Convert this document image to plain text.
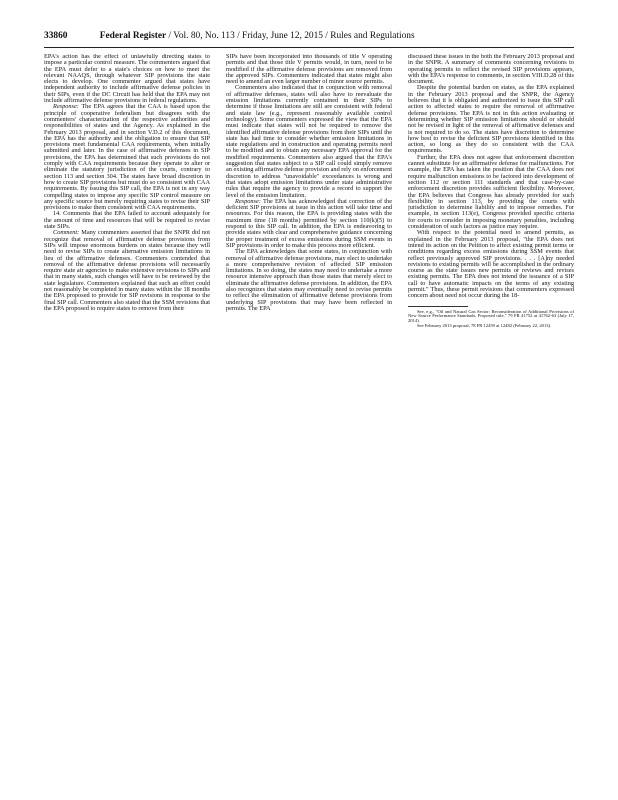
33860	Federal Register / Vol. 80, No. 113 / Friday, June 12, 2015 / Rules and Regulations

EPA's action has the effect of unlawfully directing states to impose a particular control measure. The commenters argued that the EPA must defer to a state's choices on how to meet the relevant NAAQS, through whatever SIP provisions the state elects to develop. One commenter argued that states have independent authority to include affirmative defense policies in their SIPs, even if the DC Circuit has held that the EPA may not include affirmative defense provisions in federal regulations.

Response: The EPA agrees that the CAA is based upon the principle of cooperative federalism but disagrees with the commenters' characterization of the respective authorities and responsibilities of states and the Agency. As explained in the February 2013 proposal, and in section V.D.2 of this document, the EPA has the authority and the obligation to ensure that SIP provisions meet fundamental CAA requirements, when initially submitted and later. In the case of affirmative defenses in SIP provisions, the EPA has determined that such provisions do not comply with CAA requirements because they operate to alter or eliminate the statutory jurisdiction of the courts, contrary to section 113 and section 304. The states have broad discretion in how to create SIP provisions but must do so consistent with CAA requirements. By issuing this SIP call, the EPA is not in any way compelling states to impose any specific SIP control measure on any specific source but merely requiring states to revise their SIP provisions to make them consistent with CAA requirements.

14. Comments that the EPA failed to account adequately for the amount of time and resources that will be required to revise state SIPs.

Comment: Many commenters asserted that the SNPR did not recognize that removal of affirmative defense provisions from SIPs will impose enormous burdens on states because they will need to revise SIPs to create alternative emission limitations in lieu of the affirmative defenses. Commenters contended that removal of the affirmative defense provisions will necessarily require state air agencies to make extensive revisions to SIPs and that in many states, such changes will have to be reviewed by the state legislature. Commenters explained that such an effort could not reasonably be completed in many states within the 18 months the EPA proposed to provide for SIP revisions in response to the final SIP call. Commenters also stated that the SSM revisions that the EPA proposed to require states to remove from their

SIPs have been incorporated into thousands of title V operating permits and that those title V permits would, in turn, need to be modified if the affirmative defense provisions are removed from the approved SIPs. Commenters indicated that states might also need to amend an even larger number of minor source permits.

Commenters also indicated that in conjunction with removal of affirmative defenses, states will also have to reevaluate the emission limitations currently contained in their SIPs to determine if those limitations are still are consistent with federal and state law (e.g., represent reasonably available control technology). Some commenters expressed the view that the EPA must indicate that states will not be required to remove the identified affirmative defense provisions from their SIPs until the state has had time to consider whether emission limitations in state regulations and in construction and operating permits need to be modified and to obtain any necessary EPA approval for the modified requirements. Commenters also argued that the EPA's suggestion that states subject to a SIP call could simply remove an existing affirmative defense provision and rely on enforcement discretion to address "unavoidable" exceedances is wrong and that states adopt emission limitations under state administrative rules that require the agency to provide a record to support the level of the emission limitation.

Response: The EPA has acknowledged that correction of the deficient SIP provisions at issue in this action will take time and resources. For this reason, the EPA is providing states with the maximum time (18 months) permitted by section 110(k)(5) to respond to this SIP call. In addition, the EPA is endeavoring to provide states with clear and comprehensive guidance concerning the proper treatment of excess emissions during SSM events in SIP provisions in order to make this process more efficient.

The EPA acknowledges that some states, in conjunction with removal of affirmative defense provisions, may elect to undertake a more comprehensive revision of affected SIP emission limitations. In so doing, the states may need to undertake a more resource intensive approach than those states that merely elect to eliminate the affirmative defense provisions. In addition, the EPA also recognizes that states may eventually need to revise permits to reflect the elimination of affirmative defense provisions from underlying SIP provisions that may have been reflected in permits. The EPA

discussed these issues in the both the February 2013 proposal and in the SNPR. A summary of comments concerning revisions to operating permits to reflect the revised SIP provisions appears, with the EPA's response to comments, in section VIII.D.28 of this document.

Despite the potential burden on states, as the EPA explained in the February 2013 proposal and the SNPR, the Agency believes that it is obligated and authorized to issue this SIP call action to affected states to require the removal of affirmative defense provisions. The EPA is not in this action evaluating or determining whether SIP emission limitations should or should not be revised in light of the removal of affirmative defenses and is not required to do so. The states have discretion to determine how best to revise the deficient SIP provisions identified in this action, so long as they do so consistent with the CAA requirements.

Further, the EPA does not agree that enforcement discretion cannot substitute for an affirmative defense for malfunctions. For example, the EPA has taken the position that the CAA does not require malfunction emissions to be factored into development of section 112 or section 111 standards and that case-by-case enforcement discretion provides sufficient flexibility. Moreover, the EPA believes that Congress has already provided for such flexibility in section 113, by providing the courts with jurisdiction to determine liability and to impose remedies. For example, in section 113(e), Congress provided specific criteria for courts to consider in imposing monetary penalties, including consideration of such factors as justice may require.

With respect to the potential need to amend permits, as explained in the February 2013 proposal, "the EPA does not intend its action on the Petition to affect existing permit terms or conditions regarding excess emissions during SSM events that reflect previously approved SIP provisions. . . . [A]ny needed revisions to existing permits will be accomplished in the ordinary course as the state issues new permits or reviews and revises existing permits. The EPA does not intend the issuance of a SIP call to have automatic impacts on the terms of any existing permit." Thus, these permit revisions that commenters expressed concern about need not occur during the 18-

See, e.g., "Oil and Natural Gas Sector: Reconsideration of Additional Provisions of New Source Performance Standards, Proposed rule," 79 FR 41752 at 41762-63 (July 17, 2014).

See February 2013 proposal, 78 FR 12459 at 12482 (February 22, 2013).
